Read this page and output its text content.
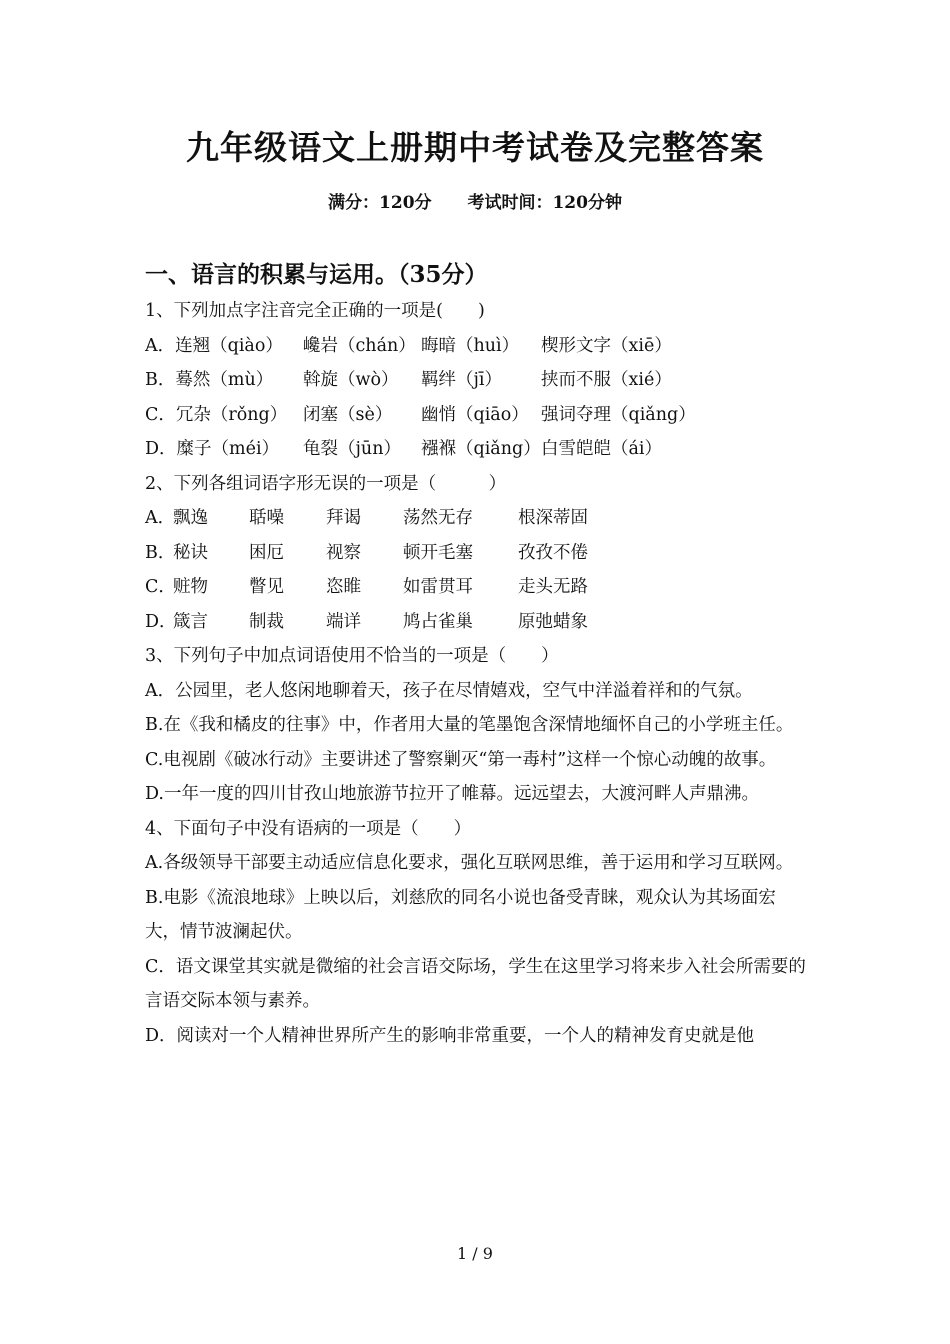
九年级语文上册期中考试卷及完整答案
满分：120分 考试时间：120分钟
一、语言的积累与运用。（35分）
1、下列加点字注音完全正确的一项是(　　)
A．连翘（qiào）	巉岩（chán） 晦暗（huì）	楔形文字（xiē）
B．蓦然（mù）	斡旋（wò）	羁绊（jī）	挟而不服（xié）
C．冗杂（rǒng） 闭塞（sè）	幽悄（qiāo） 强词夺理（qiǎng）
D．糜子（méi）	龟裂（jūn）	襁褓（qiǎng） 白雪皑皑（ái）
2、下列各组词语字形无误的一项是（　　　）
A．
飘逸	聒噪	拜谒	荡然无存	根深蒂固
B．
秘诀	困厄	视察	顿开毛塞	孜孜不倦
C．
赃物	瞥见	恣睢	如雷贯耳	走头无路
D．
箴言	制裁	端详	鸠占雀巢	原弛蜡象
3、下列句子中加点词语使用不恰当的一项是（　　）
A．公园里，老人悠闲地聊着天，孩子在尽情嬉戏，空气中洋溢着祥和的气氛。
B.在《我和橘皮的往事》中，作者用大量的笔墨饱含深情地缅怀自己的小学班主任。
C.电视剧《破冰行动》主要讲述了警察剿灭“第一毒村”这样一个惊心动魄的故事。
D.一年一度的四川甘孜山地旅游节拉开了帷幕。远远望去，大渡河畔人声鼎沸。
4、下面句子中没有语病的一项是（　　）
A.各级领导干部要主动适应信息化要求，强化互联网思维，善于运用和学习互联网。
B.电影《流浪地球》上映以后，刘慈欣的同名小说也备受青睐，观众认为其场面宏大，情节波澜起伏。
C．语文课堂其实就是微缩的社会言语交际场，学生在这里学习将来步入社会所需要的言语交际本领与素养。
D．阅读对一个人精神世界所产生的影响非常重要，一个人的精神发育史就是他
1 / 9
